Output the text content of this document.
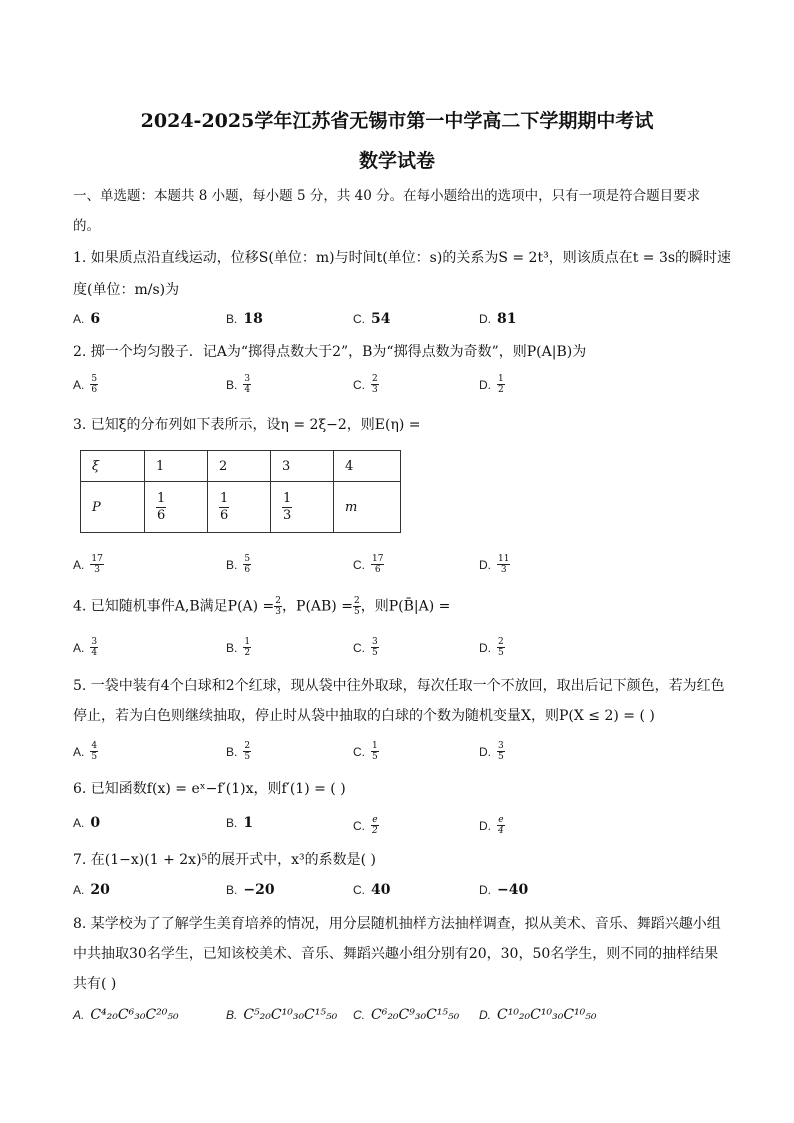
2024-2025学年江苏省无锡市第一中学高二下学期期中考试
数学试卷
一、单选题：本题共 8 小题，每小题 5 分，共 40 分。在每小题给出的选项中，只有一项是符合题目要求
的。
1. 如果质点沿直线运动，位移S(单位：m)与时间t(单位：s)的关系为S = 2t³，则该质点在t = 3s的瞬时速
度(单位：m/s)为
A. 6	B. 18	C. 54	D. 81
2. 掷一个均匀骰子．记A为“掷得点数大于2”，B为“掷得点数为奇数”，则P(A|B)为
A. $\frac{5}{6}$	B. $\frac{3}{4}$	C. $\frac{2}{3}$	D. $\frac{1}{2}$
3. 已知ξ的分布列如下表所示，设η = 2ξ−2，则E(η) =
ξ	1	2	3	4
P	$\frac{1}{6}$	$\frac{1}{6}$	$\frac{1}{3}$	m
A. $\frac{17}{3}$	B. $\frac{5}{6}$	C. $\frac{17}{6}$	D. $\frac{11}{3}$
4. 已知随机事件A,B满足$P(A) = \frac{2}{3}$ ，$P(AB) = \frac{2}{5}$ ，则P(B̄|A) =
A. $\frac{3}{4}$	B. $\frac{1}{2}$	C. $\frac{3}{5}$	D. $\frac{2}{5}$
5. 一袋中装有4个白球和2个红球，现从袋中往外取球，每次任取一个不放回，取出后记下颜色，若为红色
停止，若为白色则继续抽取，停止时从袋中抽取的白球的个数为随机变量X，则P(X ≤ 2) = ( )
A. $\frac{4}{5}$	B. $\frac{2}{5}$	C. $\frac{1}{5}$	D. $\frac{3}{5}$
6. 已知函数f(x) = eˣ−f′(1)x，则f′(1) = ( )
A. 0	B. 1	C. $\frac{e}{2}$	D. $\frac{e}{4}$
7. 在(1−x)(1 + 2x)⁵的展开式中，x³的系数是( )
A. 20	B. −20	C. 40	D. −40
8. 某学校为了了解学生美育培养的情况，用分层随机抽样方法抽样调查，拟从美术、音乐、舞蹈兴趣小组
中共抽取30名学生，已知该校美术、音乐、舞蹈兴趣小组分别有20，30，50名学生，则不同的抽样结果
共有( )
A. C⁴₂₀C⁶₃₀C²⁰₅₀	B. C⁵₂₀C¹⁰₃₀C¹⁵₅₀ C. C⁶₂₀C⁹₃₀C¹⁵₅₀ D. C¹⁰₂₀C¹⁰₃₀C¹⁰₅₀
